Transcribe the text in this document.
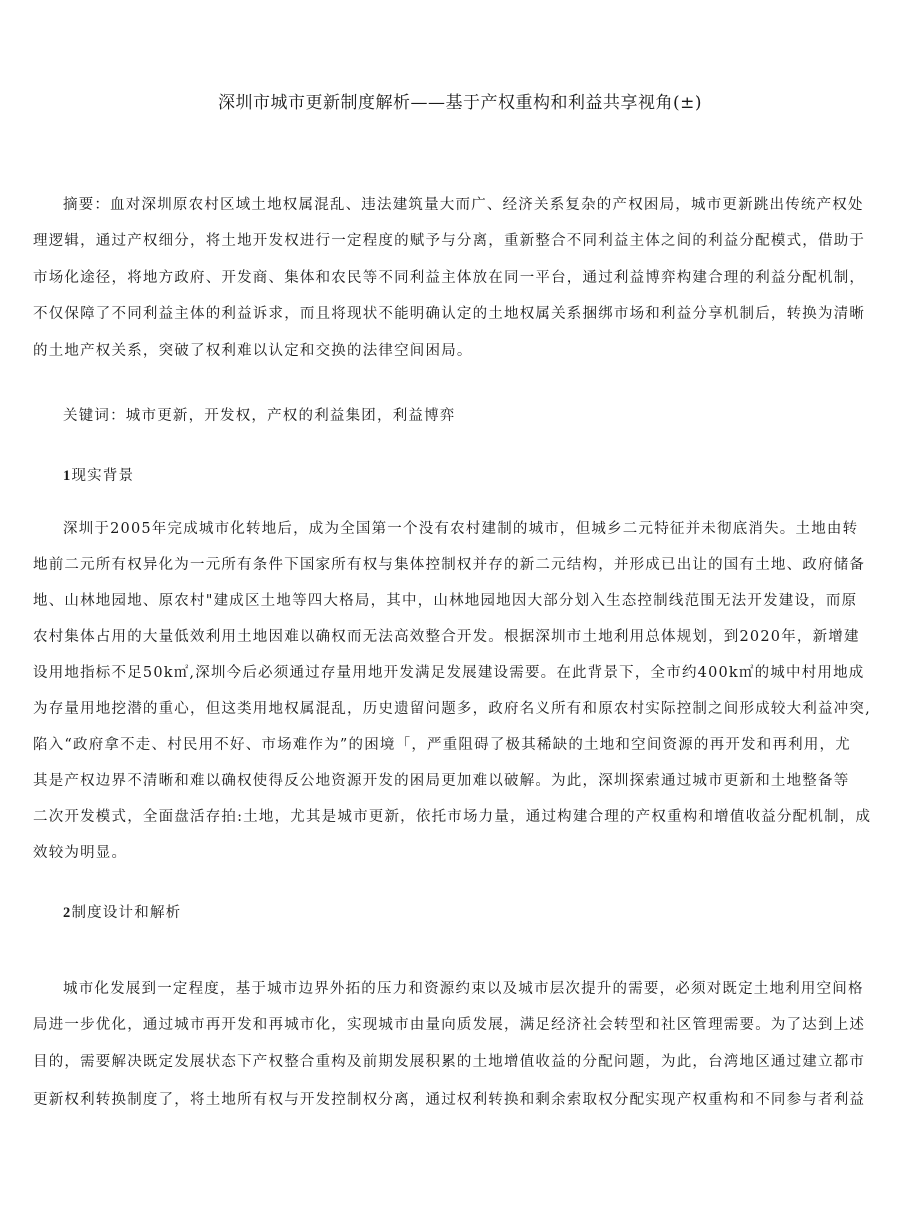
深圳市城市更新制度解析——基于产权重构和利益共享视角(±)
摘要：血对深圳原农村区域土地权属混乱、违法建筑量大而广、经济关系复杂的产权困局，城市更新跳出传统产权处
理逻辑，通过产权细分，将土地开发权进行一定程度的赋予与分离，重新整合不同利益主体之间的利益分配模式，借助于
市场化途径，将地方政府、开发商、集体和农民等不同利益主体放在同一平台，通过利益博弈构建合理的利益分配机制，
不仅保障了不同利益主体的利益诉求，而且将现状不能明确认定的土地权属关系捆绑市场和利益分享机制后，转换为清晰
的土地产权关系，突破了权利难以认定和交换的法律空间困局。
关键词：城市更新，开发权，产权的利益集团，利益博弈
1现实背景
深圳于2005年完成城市化转地后，成为全国第一个没有农村建制的城市，但城乡二元特征并未彻底消失。土地由转
地前二元所有权异化为一元所有条件下国家所有权与集体控制权并存的新二元结构，并形成已出让的国有土地、政府储备
地、山林地园地、原农村"建成区土地等四大格局，其中，山林地园地因大部分划入生态控制线范围无法开发建设，而原
农村集体占用的大量低效利用土地因难以确权而无法高效整合开发。根据深圳市土地利用总体规划，到2020年，新增建
设用地指标不足50k㎡,深圳今后必须通过存量用地开发满足发展建设需要。在此背景下，全市约400k㎡的城中村用地成
为存量用地挖潜的重心，但这类用地权属混乱，历史遗留问题多，政府名义所有和原农村实际控制之间形成较大利益冲突,
陷入“政府拿不走、村民用不好、市场难作为”的困境「，严重阻碍了极其稀缺的土地和空间资源的再开发和再利用，尤
其是产权边界不清晰和难以确权使得反公地资源开发的困局更加难以破解。为此，深圳探索通过城市更新和土地整备等
二次开发模式，全面盘活存拍:土地，尤其是城市更新，依托市场力量，通过构建合理的产权重构和增值收益分配机制，成
效较为明显。
2制度设计和解析
城市化发展到一定程度，基于城市边界外拓的压力和资源约束以及城市层次提升的需要，必须对既定土地利用空间格
局进一步优化，通过城市再开发和再城市化，实现城市由量向质发展，满足经济社会转型和社区管理需要。为了达到上述
目的，需要解决既定发展状态下产权整合重构及前期发展积累的土地增值收益的分配问题，为此，台湾地区通过建立都市
更新权利转换制度了，将土地所有权与开发控制权分离，通过权利转换和剩余索取权分配实现产权重构和不同参与者利益
